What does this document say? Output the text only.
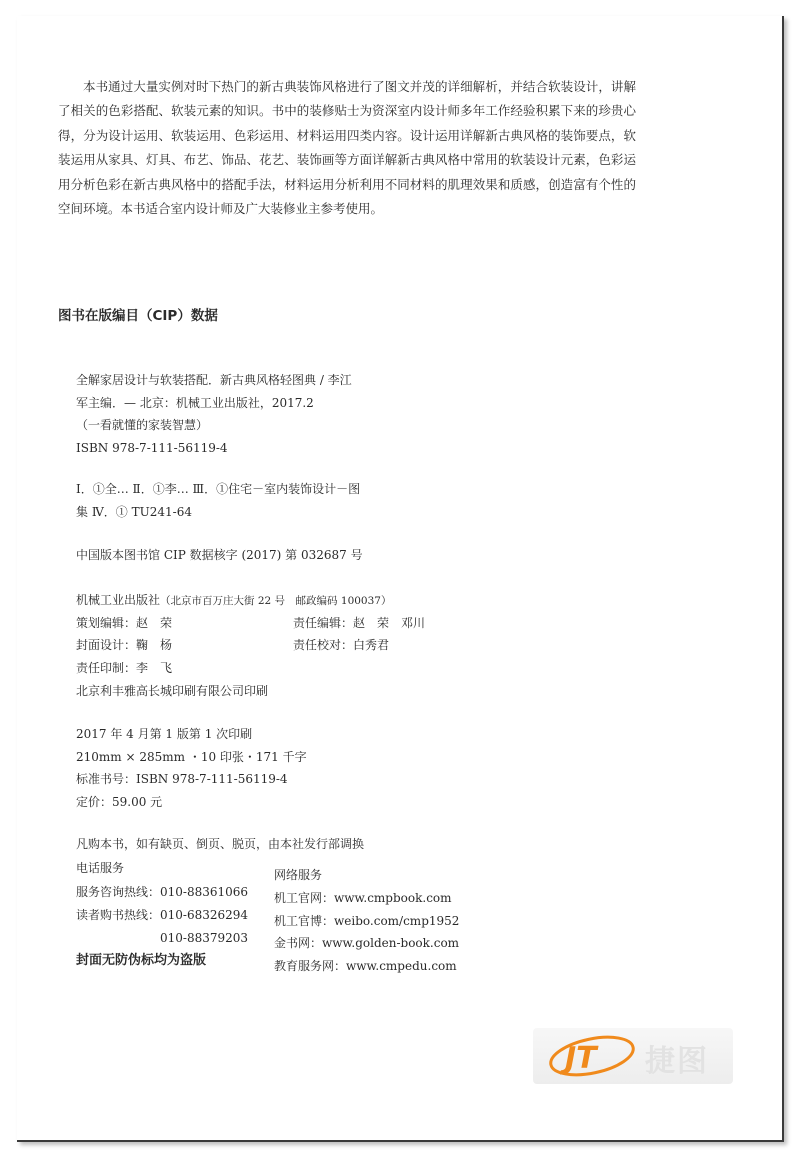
本书通过大量实例对时下热门的新古典装饰风格进行了图文并茂的详细解析，并结合软装设计，讲解了相关的色彩搭配、软装元素的知识。书中的装修贴士为资深室内设计师多年工作经验积累下来的珍贵心得，分为设计运用、软装运用、色彩运用、材料运用四类内容。设计运用详解新古典风格的装饰要点，软装运用从家具、灯具、布艺、饰品、花艺、装饰画等方面详解新古典风格中常用的软装设计元素，色彩运用分析色彩在新古典风格中的搭配手法，材料运用分析利用不同材料的肌理效果和质感，创造富有个性的空间环境。本书适合室内设计师及广大装修业主参考使用。

图书在版编目（CIP）数据
全解家居设计与软装搭配．新古典风格轻图典 / 李江
军主编．— 北京：机械工业出版社，2017.2
（一看就懂的家装智慧）
ISBN 978-7-111-56119-4
Ⅰ．①全… Ⅱ．①李… Ⅲ．①住宅－室内装饰设计－图
集 Ⅳ．① TU241-64
中国版本图书馆 CIP 数据核字 (2017) 第 032687 号
机械工业出版社（北京市百万庄大街 22 号　邮政编码 100037）
策划编辑：赵　荣	责任编辑：赵　荣　邓川
封面设计：鞠　杨	责任校对：白秀君
责任印制：李　飞
北京利丰雅高长城印刷有限公司印刷
2017 年 4 月第 1 版第 1 次印刷
210mm × 285mm ・10 印张・171 千字
标准书号：ISBN 978-7-111-56119-4
定价：59.00 元
凡购本书，如有缺页、倒页、脱页，由本社发行部调换
电话服务
服务咨询热线：010-88361066
读者购书热线：010-68326294
010-88379203
封面无防伪标均为盗版
网络服务
机工官网：www.cmpbook.com
机工官博：weibo.com/cmp1952
金书网：www.golden-book.com
教育服务网：www.cmpedu.com
JT 捷图
